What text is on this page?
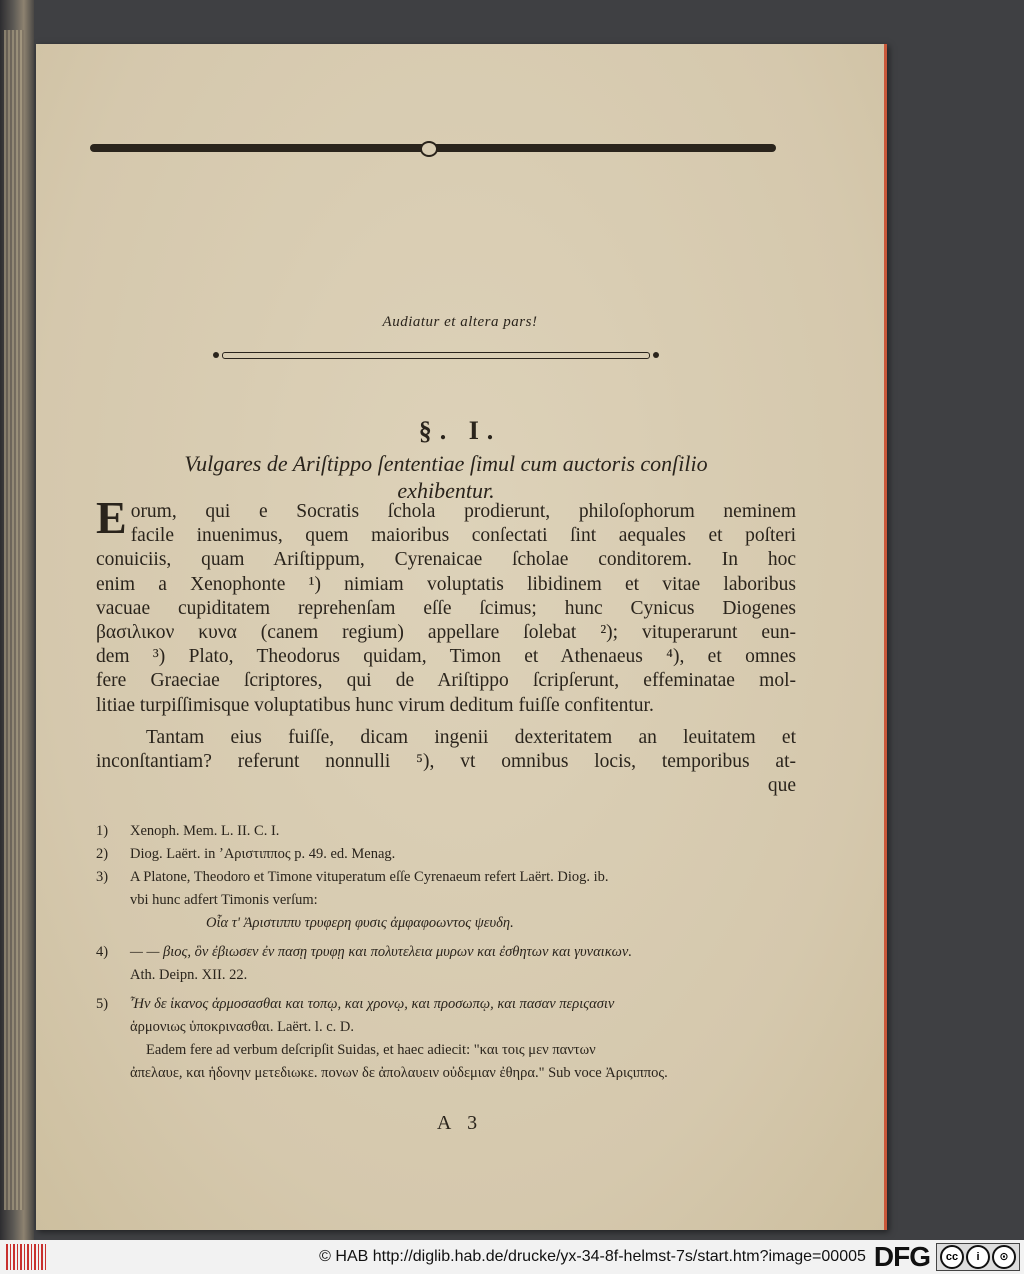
Audiatur et altera pars!
§. I.
Vulgares de Ariſtippo ſententiae ſimul cum auctoris conſilio
exhibentur.
E orum, qui e Socratis ſchola prodierunt, philoſophorum neminem
facile inuenimus, quem maioribus conſectati ſint aequales et poſteri
conuiciis, quam Ariſtippum, Cyrenaicae ſcholae conditorem. In hoc
enim a Xenophonte ¹) nimiam voluptatis libidinem et vitae laboribus
vacuae cupiditatem reprehenſam eſſe ſcimus; hunc Cynicus Diogenes
βασιλικον κυνα (canem regium) appellare ſolebat ²); vituperarunt eun-
dem ³) Plato, Theodorus quidam, Timon et Athenaeus ⁴), et omnes
fere Graeciae ſcriptores, qui de Ariſtippo ſcripſerunt, effeminatae mol-
litiae turpiſſimisque voluptatibus hunc virum deditum fuiſſe confitentur.
Tantam eius fuiſſe, dicam ingenii dexteritatem an leuitatem et
inconſtantiam? referunt nonnulli ⁵), vt omnibus locis, temporibus at-
que
1)	Xenoph. Mem. L. II. C. I.
2)	Diog. Laërt. in ʼΑριστιππος p. 49. ed. Menag.
3)	A Platone, Theodoro et Timone vituperatum eſſe Cyrenaeum refert Laërt. Diog. ib.
vbi hunc adfert Timonis verſum:
Οἷα τ' Ἀριστιππυ τρυφερη φυσις ἀμφαφοωντος ψευδη.
4)	— — βιος, ὃν ἐβιωσεν ἐν πασῃ τρυφῃ και πολυτελεια μυρων και ἐσθητων και γυναικων.
Ath. Deipn. XII. 22.
5)	Ἦν δε ἱκανος ἁρμοσασθαι και τοπῳ, και χρονῳ, και προσωπῳ, και πασαν περιςασιν
ἁρμονιως ὑποκρινασθαι. Laërt. l. c. D.
Eadem fere ad verbum deſcripſit Suidas, et haec adiecit: "και τοις μεν παντων
ἀπελαυε, και ἡδονην μετεδιωκε. πονων δε ἀπολαυειν οὐδεμιαν ἐθηρα." Sub voce Ἀριςιππος.
A 3
© HAB http://diglib.hab.de/drucke/yx-34-8f-helmst-7s/start.htm?image=00005 DFG	cc	i	⊙
